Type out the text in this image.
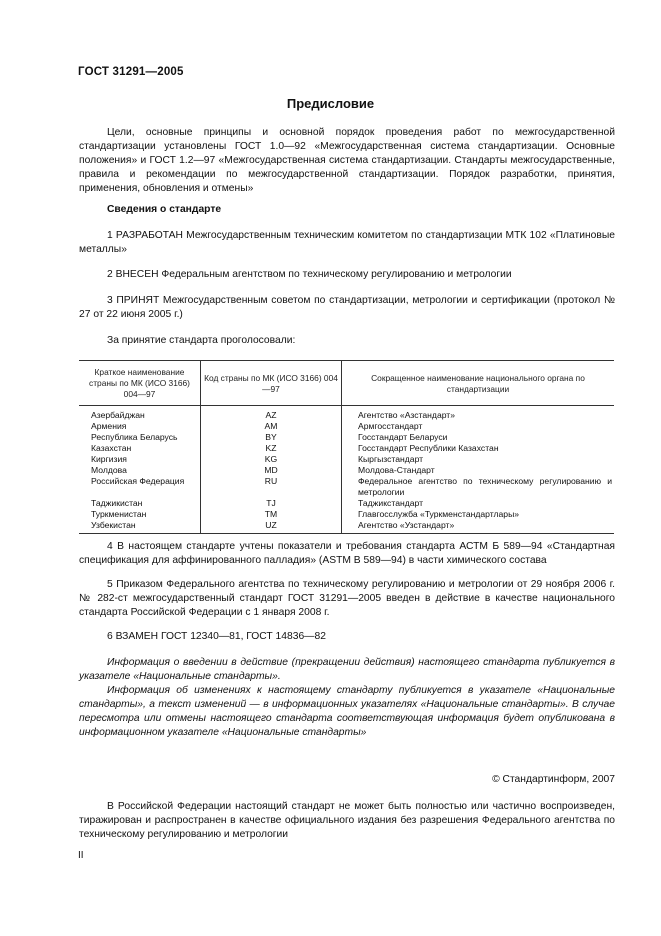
ГОСТ 31291—2005
Предисловие
Цели, основные принципы и основной порядок проведения работ по межгосударственной стандартизации установлены ГОСТ 1.0—92 «Межгосударственная система стандартизации. Основные положения» и ГОСТ 1.2—97 «Межгосударственная система стандартизации. Стандарты межгосударственные, правила и рекомендации по межгосударственной стандартизации. Порядок разработки, принятия, применения, обновления и отмены»
Сведения о стандарте
1 РАЗРАБОТАН Межгосударственным техническим комитетом по стандартизации МТК 102 «Платиновые металлы»
2 ВНЕСЕН Федеральным агентством по техническому регулированию и метрологии
3 ПРИНЯТ Межгосударственным советом по стандартизации, метрологии и сертификации (протокол № 27 от 22 июня 2005 г.)
За принятие стандарта проголосовали:
Краткое наименование страны по МК (ИСО 3166) 004—97	Код страны по МК (ИСО 3166) 004—97	Сокращенное наименование национального органа по стандартизации
Азербайджан	AZ	Агентство «Азстандарт»
Армения	AM	Армгосстандарт
Республика Беларусь	BY	Госстандарт Беларуси
Казахстан	KZ	Госстандарт Республики Казахстан
Киргизия	KG	Кыргызстандарт
Молдова	MD	Молдова-Стандарт
Российская Федерация	RU	Федеральное агентство по техническому регулированию и метрологии
Таджикистан	TJ	Таджикстандарт
Туркменистан	TM	Главгосслужба «Туркменстандартлары»
Узбекистан	UZ	Агентство «Узстандарт»
4 В настоящем стандарте учтены показатели и требования стандарта АСТМ Б 589—94 «Стандартная спецификация для аффинированного палладия» (ASTM B 589—94) в части химического состава
5 Приказом Федерального агентства по техническому регулированию и метрологии от 29 ноября 2006 г. № 282-ст межгосударственный стандарт ГОСТ 31291—2005 введен в действие в качестве национального стандарта Российской Федерации с 1 января 2008 г.
6 ВЗАМЕН ГОСТ 12340—81, ГОСТ 14836—82
Информация о введении в действие (прекращении действия) настоящего стандарта публикуется в указателе «Национальные стандарты».
Информация об изменениях к настоящему стандарту публикуется в указателе «Национальные стандарты», а текст изменений — в информационных указателях «Национальные стандарты». В случае пересмотра или отмены настоящего стандарта соответствующая информация будет опубликована в информационном указателе «Национальные стандарты»
© Стандартинформ, 2007
В Российской Федерации настоящий стандарт не может быть полностью или частично воспроизведен, тиражирован и распространен в качестве официального издания без разрешения Федерального агентства по техническому регулированию и метрологии
II
